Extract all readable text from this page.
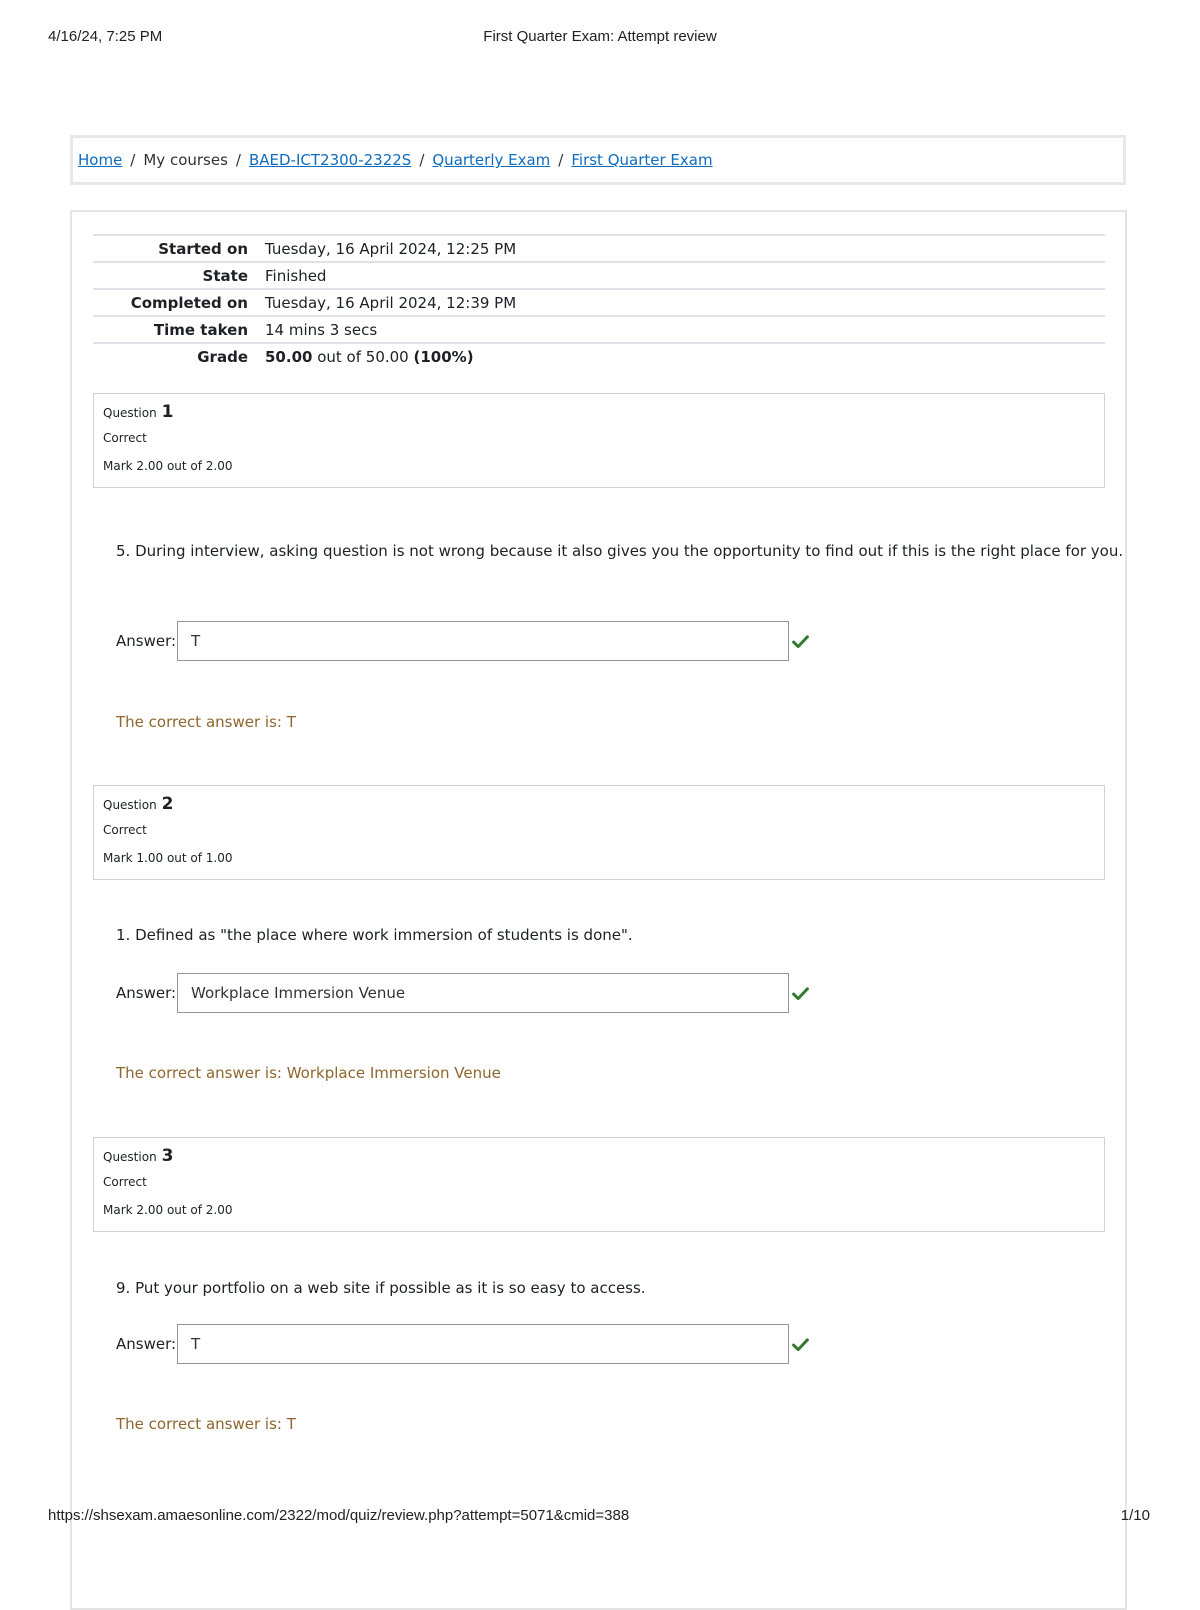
4/16/24, 7:25 PM	First Quarter Exam: Attempt review
Home / My courses / BAED-ICT2300-2322S / Quarterly Exam / First Quarter Exam
Started on	Tuesday, 16 April 2024, 12:25 PM
State	Finished
Completed on	Tuesday, 16 April 2024, 12:39 PM
Time taken	14 mins 3 secs
Grade	50.00 out of 50.00 (100%)
Question 1
Correct
Mark 2.00 out of 2.00
5. During interview, asking question is not wrong because it also gives you the opportunity to find out if this is the right place for you.
Answer: T
The correct answer is: T
Question 2
Correct
Mark 1.00 out of 1.00
1. Defined as "the place where work immersion of students is done".
Answer: Workplace Immersion Venue
The correct answer is: Workplace Immersion Venue
Question 3
Correct
Mark 2.00 out of 2.00
9. Put your portfolio on a web site if possible as it is so easy to access.
Answer: T
The correct answer is: T
https://shsexam.amaesonline.com/2322/mod/quiz/review.php?attempt=5071&cmid=388	1/10
